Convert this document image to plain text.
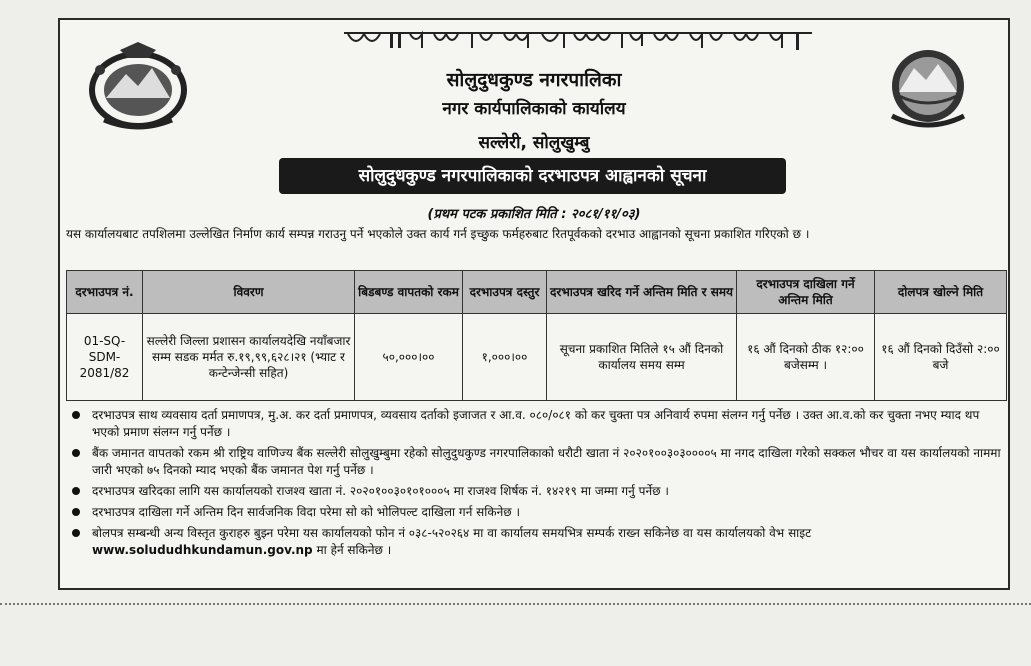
सोलुदुधकुण्ड नगरपालिका
नगर कार्यपालिकाको कार्यालय
सल्लेरी, सोलुखुम्बु
सोलुदुधकुण्ड नगरपालिकाको दरभाउपत्र आह्वानको सूचना
(प्रथम पटक प्रकाशित मिति : २०८१/११/०३)
यस कार्यालयबाट तपशिलमा उल्लेखित निर्माण कार्य सम्पन्न गराउनु पर्ने भएकोले उक्त कार्य गर्न इच्छुक फर्महरुबाट रितपूर्वकको दरभाउ आह्वानको सूचना प्रकाशित गरिएको छ ।
दरभाउपत्र नं.	विवरण	बिडबण्ड वापतको रकम	दरभाउपत्र दस्तुर	दरभाउपत्र खरिद गर्ने अन्तिम मिति र समय	दरभाउपत्र दाखिला गर्ने अन्तिम मिति	दोलपत्र खोल्ने मिति
01-SQ-SDM-2081/82	सल्लेरी जिल्ला प्रशासन कार्यालयदेखि नयाँबजार सम्म सडक मर्मत रु.१९,९९,६२८।२१ (भ्याट र कन्टेन्जेन्सी सहित)	५०,०००।००	१,०००।००	सूचना प्रकाशित मितिले १५ औं दिनको कार्यालय समय सम्म	१६ औं दिनको ठीक १२:०० बजेसम्म ।	१६ औं दिनको दिउँसो २:०० बजे
दरभाउपत्र साथ व्यवसाय दर्ता प्रमाणपत्र, मु.अ. कर दर्ता प्रमाणपत्र, व्यवसाय दर्ताको इजाजत र आ.व. ०८०/०८१ को कर चुक्ता पत्र अनिवार्य रुपमा संलग्न गर्नु पर्नेछ । उक्त आ.व.को कर चुक्ता नभए म्याद थप भएको प्रमाण संलग्न गर्नु पर्नेछ ।
बैंक जमानत वापतको रकम श्री राष्ट्रिय वाणिज्य बैंक सल्लेरी सोलुखुम्बुमा रहेको सोलुदुधकुण्ड नगरपालिकाको धरौटी खाता नं २०२०१००३०३००००५ मा नगद दाखिला गरेको सक्कल भौचर वा यस कार्यालयको नाममा जारी भएको ७५ दिनको म्याद भएको बैंक जमानत पेश गर्नु पर्नेछ ।
दरभाउपत्र खरिदका लागि यस कार्यालयको राजश्व खाता नं. २०२०१००३०१०१०००५ मा राजश्व शिर्षक नं. १४२१९ मा जम्मा गर्नु पर्नेछ ।
दरभाउपत्र दाखिला गर्ने अन्तिम दिन सार्वजनिक विदा परेमा सो को भोलिपल्ट दाखिला गर्न सकिनेछ ।
बोलपत्र सम्बन्धी अन्य विस्तृत कुराहरु बुझ्न परेमा यस कार्यालयको फोन नं ०३८-५२०२६४ मा वा कार्यालय समयभित्र सम्पर्क राख्न सकिनेछ वा यस कार्यालयको वेभ साइट www.solududhkundamun.gov.np मा हेर्न सकिनेछ ।
